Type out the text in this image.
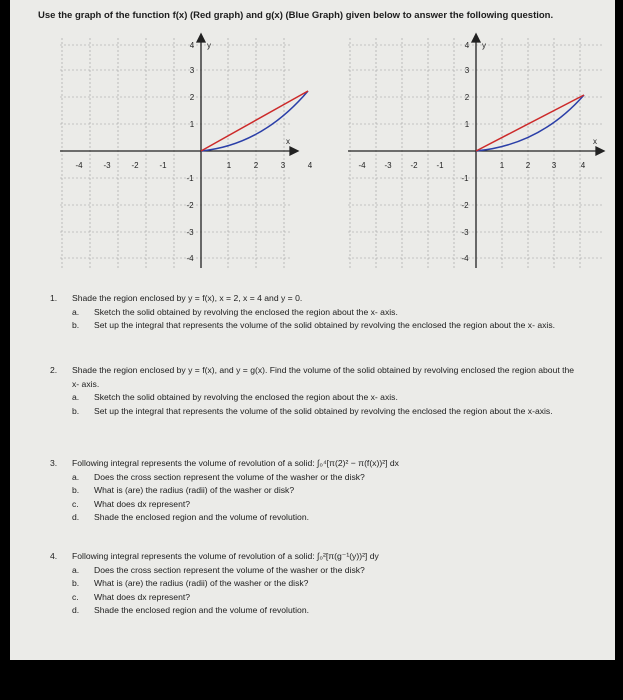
Use the graph of the function f(x) (Red graph) and g(x) (Blue Graph) given below to answer the following question.
-4	-3	-2	-1	1	2	3	4
4
3
2
1
-1
-2
-3
-4
y
x
-4 -3 -2 -1	1	2	3	4
4
3
2
1
-1
-2
-3
-4
y
x
1. Shade the region enclosed by y = f(x), x = 2, x = 4 and y = 0.
a. Sketch the solid obtained by revolving the enclosed the region about the x- axis.
b. Set up the integral that represents the volume of the solid obtained by revolving the enclosed the region about the x- axis.
2. Shade the region enclosed by y = f(x), and y = g(x). Find the volume of the solid obtained by revolving enclosed the region about the x- axis.
a. Sketch the solid obtained by revolving the enclosed the region about the x- axis.
b. Set up the integral that represents the volume of the solid obtained by revolving the enclosed the region about the x-axis.
3. Following integral represents the volume of revolution of a solid: ∫₀⁴[π(2)² − π(f(x))²] dx
a. Does the cross section represent the volume of the washer or the disk?
b. What is (are) the radius (radii) of the washer or disk?
c. What does dx represent?
d. Shade the enclosed region and the volume of revolution.
4. Following integral represents the volume of revolution of a solid: ∫₀²[π(g⁻¹(y))²] dy
a. Does the cross section represent the volume of the washer or the disk?
b. What is (are) the radius (radii) of the washer or the disk?
c. What does dx represent?
d. Shade the enclosed region and the volume of revolution.
